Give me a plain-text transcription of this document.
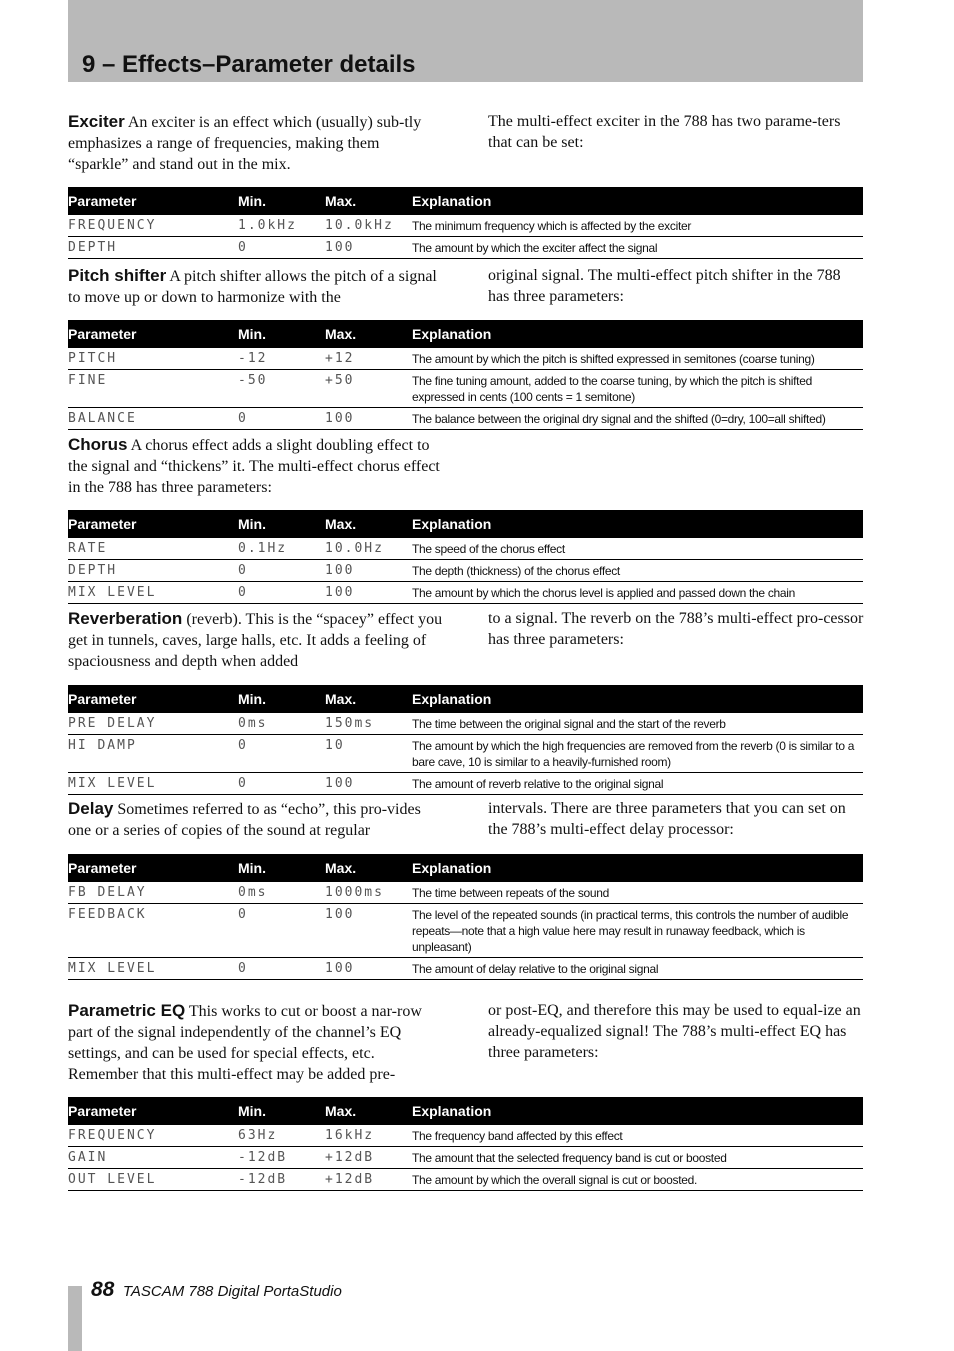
9 – Effects–Parameter details
Exciter An exciter is an effect which (usually) sub-tly emphasizes a range of frequencies, making them “sparkle” and stand out in the mix.
The multi-effect exciter in the 788 has two parame-ters that can be set:
Parameter	Min.	Max.	Explanation
FREQUENCY	1.0kHz	10.0kHz	The minimum frequency which is affected by the exciter
DEPTH	0	100	The amount by which the exciter affect the signal
Pitch shifter A pitch shifter allows the pitch of a signal to move up or down to harmonize with the
original signal. The multi-effect pitch shifter in the 788 has three parameters:
Parameter	Min.	Max.	Explanation
PITCH	-12	+12	The amount by which the pitch is shifted expressed in semitones (coarse tuning)
FINE	-50	+50	The fine tuning amount, added to the coarse tuning, by which the pitch is shifted expressed in cents (100 cents = 1 semitone)
BALANCE	0	100	The balance between the original dry signal and the shifted (0=dry, 100=all shifted)
Chorus A chorus effect adds a slight doubling effect to the signal and “thickens” it. The multi-effect chorus effect in the 788 has three parameters:
Parameter	Min.	Max.	Explanation
RATE	0.1Hz	10.0Hz	The speed of the chorus effect
DEPTH	0	100	The depth (thickness) of the chorus effect
MIX LEVEL	0	100	The amount by which the chorus level is applied and passed down the chain
Reverberation (reverb). This is the “spacey” effect you get in tunnels, caves, large halls, etc. It adds a feeling of spaciousness and depth when added
to a signal. The reverb on the 788’s multi-effect pro-cessor has three parameters:
Parameter	Min.	Max.	Explanation
PRE DELAY	0ms	150ms	The time between the original signal and the start of the reverb
HI DAMP	0	10	The amount by which the high frequencies are removed from the reverb (0 is similar to a bare cave, 10 is similar to a heavily-furnished room)
MIX LEVEL	0	100	The amount of reverb relative to the original signal
Delay Sometimes referred to as “echo”, this pro-vides one or a series of copies of the sound at regular
intervals. There are three parameters that you can set on the 788’s multi-effect delay processor:
Parameter	Min.	Max.	Explanation
FB DELAY	0ms	1000ms	The time between repeats of the sound
FEEDBACK	0	100	The level of the repeated sounds (in practical terms, this controls the number of audible repeats—note that a high value here may result in runaway feedback, which is unpleasant)
MIX LEVEL	0	100	The amount of delay relative to the original signal
Parametric EQ This works to cut or boost a nar-row part of the signal independently of the channel’s EQ settings, and can be used for special effects, etc. Remember that this multi-effect may be added pre-
or post-EQ, and therefore this may be used to equal-ize an already-equalized signal! The 788’s multi-effect EQ has three parameters:
Parameter	Min.	Max.	Explanation
FREQUENCY	63Hz	16kHz	The frequency band affected by this effect
GAIN	-12dB	+12dB	The amount that the selected frequency band is cut or boosted
OUT LEVEL	-12dB	+12dB	The amount by which the overall signal is cut or boosted.
88 TASCAM 788 Digital PortaStudio
